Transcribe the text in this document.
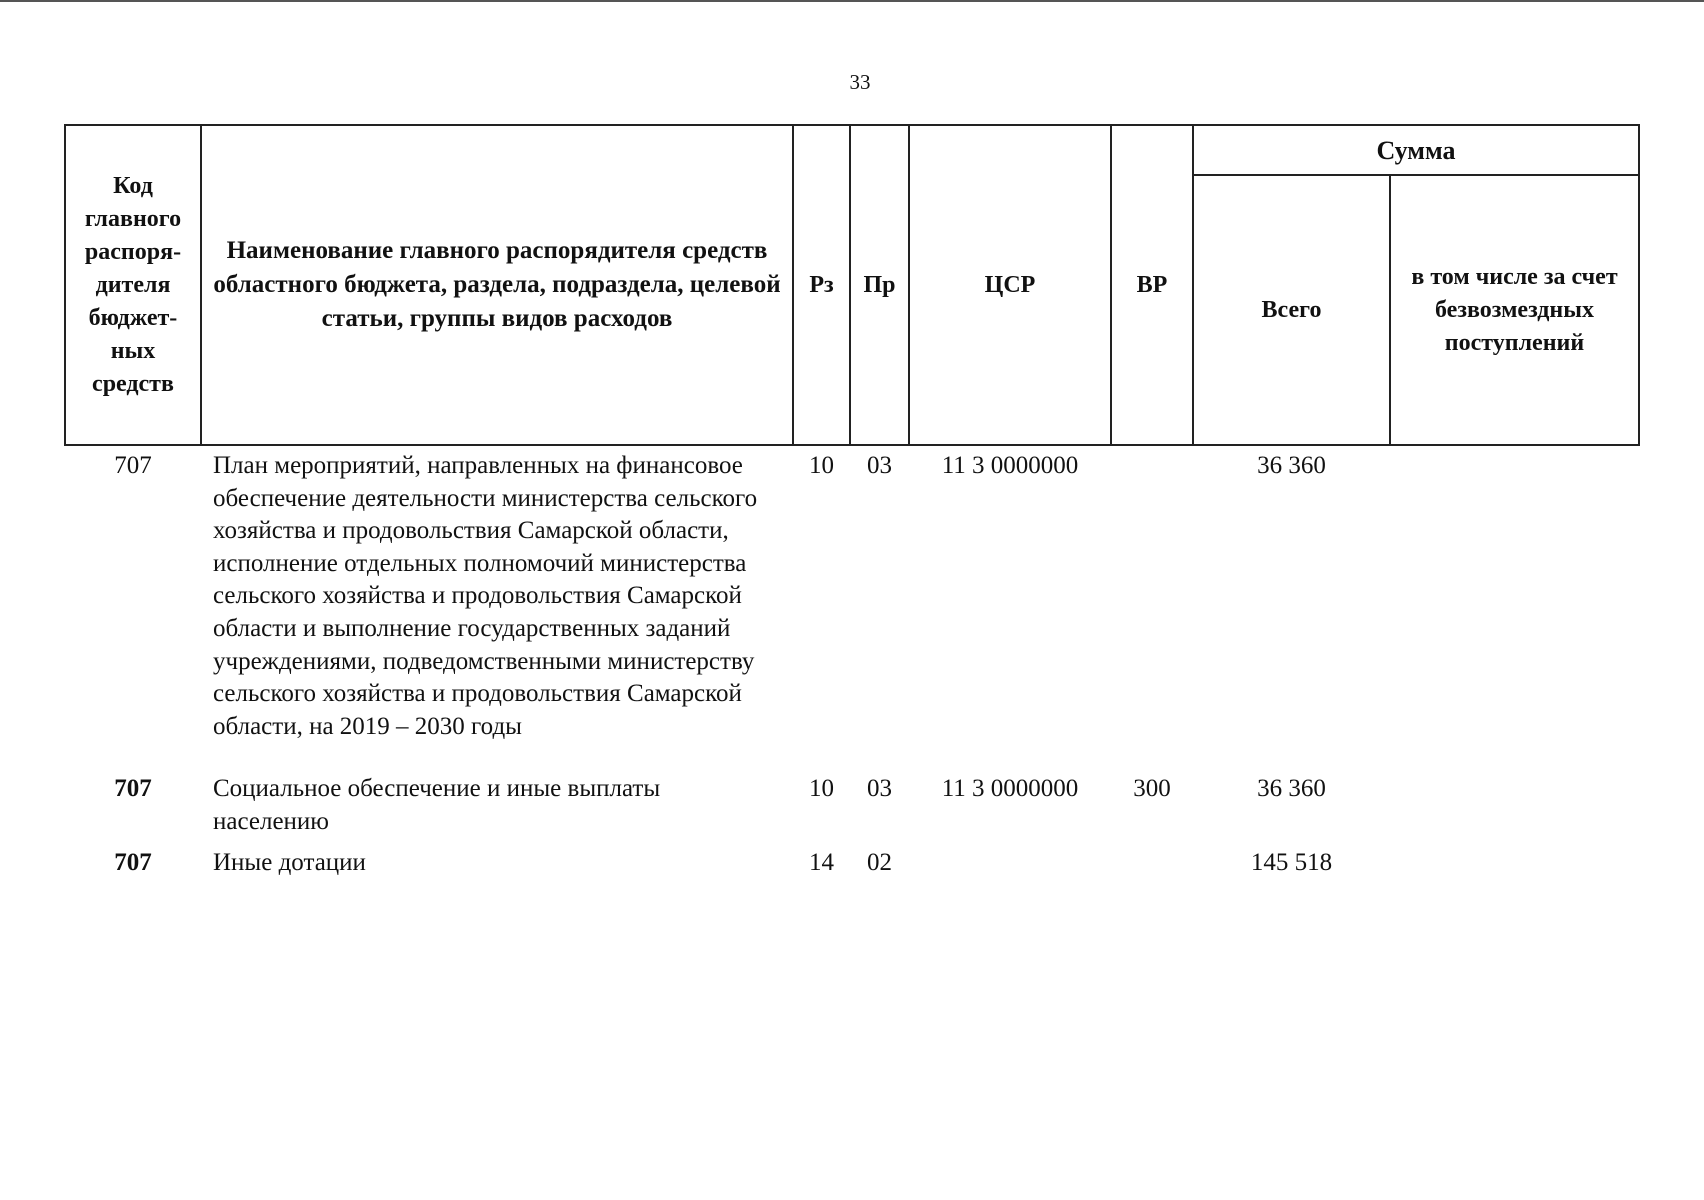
33
Код главного распоря-дителя бюджет-ных средств	Наименование главного распорядителя средств областного бюджета, раздела, подраздела, целевой статьи, группы видов расходов	Рз	Пр	ЦСР	ВР	Сумма	
						Всего	в том числе за счет безвозмездных поступлений
707	План мероприятий, направленных на финансовое обеспечение деятельности министерства сельского хозяйства и продовольствия Самарской области, исполнение отдельных полномочий министерства сельского хозяйства и продовольствия Самарской области и выполнение государственных заданий учреждениями, подведомственными министерству сельского хозяйства и продовольствия Самарской области, на 2019 – 2030 годы	10	03	11 3 0000000		36 360	
707	Социальное обеспечение и иные выплаты населению	10	03	11 3 0000000	300	36 360	
707	Иные дотации	14	02			145 518	
